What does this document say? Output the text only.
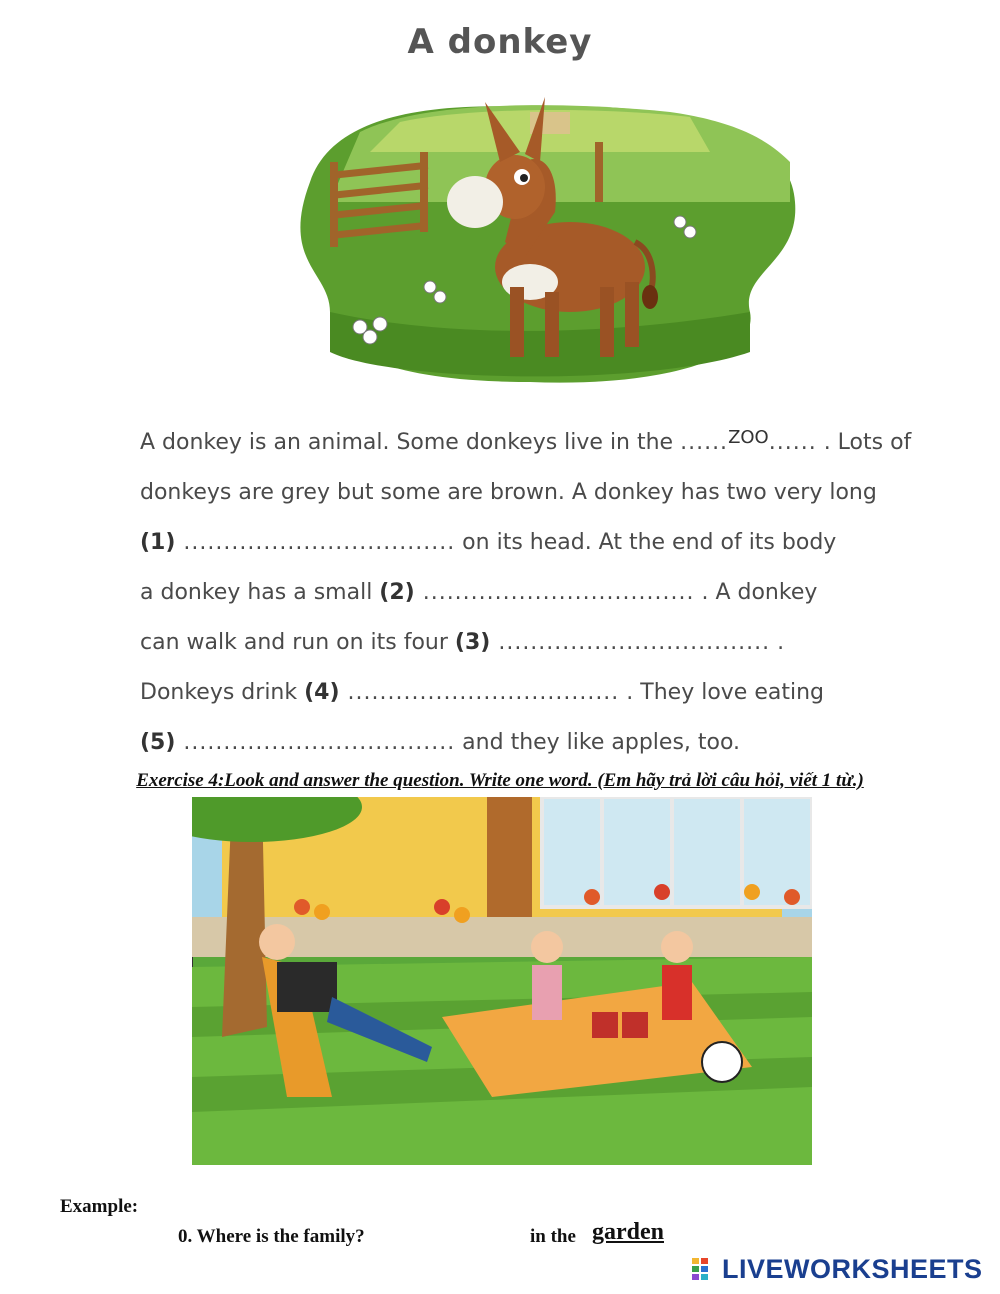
A donkey
A donkey is an animal. Some donkeys live in the ......$^{ZOO}$...... . Lots of
donkeys are grey but some are brown. A donkey has two very long
(1) .................................. on its head. At the end of its body
a donkey has a small (2) .................................. . A donkey
can walk and run on its four (3) .................................. .
Donkeys drink (4) .................................. . They love eating
(5) .................................. and they like apples, too.
Exercise 4:Look and answer the question. Write one word. (Em hãy trả lời câu hỏi, viết 1 từ.)
Example:
0. Where is the family?	in the garden
LIVEWORKSHEETS
